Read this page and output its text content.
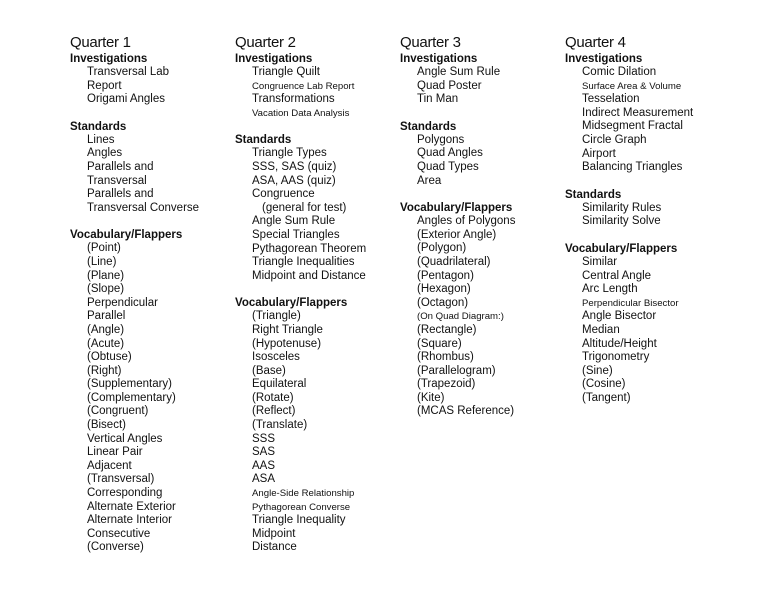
Quarter 1
Investigations
Transversal Lab
Report
Origami Angles
Standards
Lines
Angles
Parallels and
Transversal
Parallels and
Transversal Converse
Vocabulary/Flappers
(Point)
(Line)
(Plane)
(Slope)
Perpendicular
Parallel
(Angle)
(Acute)
(Obtuse)
(Right)
(Supplementary)
(Complementary)
(Congruent)
(Bisect)
Vertical Angles
Linear Pair
Adjacent
(Transversal)
Corresponding
Alternate Exterior
Alternate Interior
Consecutive
(Converse)
Quarter 2
Investigations
Triangle Quilt
Congruence Lab Report
Transformations
Vacation Data Analysis
Standards
Triangle Types
SSS, SAS (quiz)
ASA, AAS (quiz)
Congruence
(general for test)
Angle Sum Rule
Special Triangles
Pythagorean Theorem
Triangle Inequalities
Midpoint and Distance
Vocabulary/Flappers
(Triangle)
Right Triangle
(Hypotenuse)
Isosceles
(Base)
Equilateral
(Rotate)
(Reflect)
(Translate)
SSS
SAS
AAS
ASA
Angle-Side Relationship
Pythagorean Converse
Triangle Inequality
Midpoint
Distance
Quarter 3
Investigations
Angle Sum Rule
Quad Poster
Tin Man
Standards
Polygons
Quad Angles
Quad Types
Area
Vocabulary/Flappers
Angles of Polygons
(Exterior Angle)
(Polygon)
(Quadrilateral)
(Pentagon)
(Hexagon)
(Octagon)
(On Quad Diagram:)
(Rectangle)
(Square)
(Rhombus)
(Parallelogram)
(Trapezoid)
(Kite)
(MCAS Reference)
Quarter 4
Investigations
Comic Dilation
Surface Area & Volume
Tesselation
Indirect Measurement
Midsegment Fractal
Circle Graph
Airport
Balancing Triangles
Standards
Similarity Rules
Similarity Solve
Vocabulary/Flappers
Similar
Central Angle
Arc Length
Perpendicular Bisector
Angle Bisector
Median
Altitude/Height
Trigonometry
(Sine)
(Cosine)
(Tangent)
